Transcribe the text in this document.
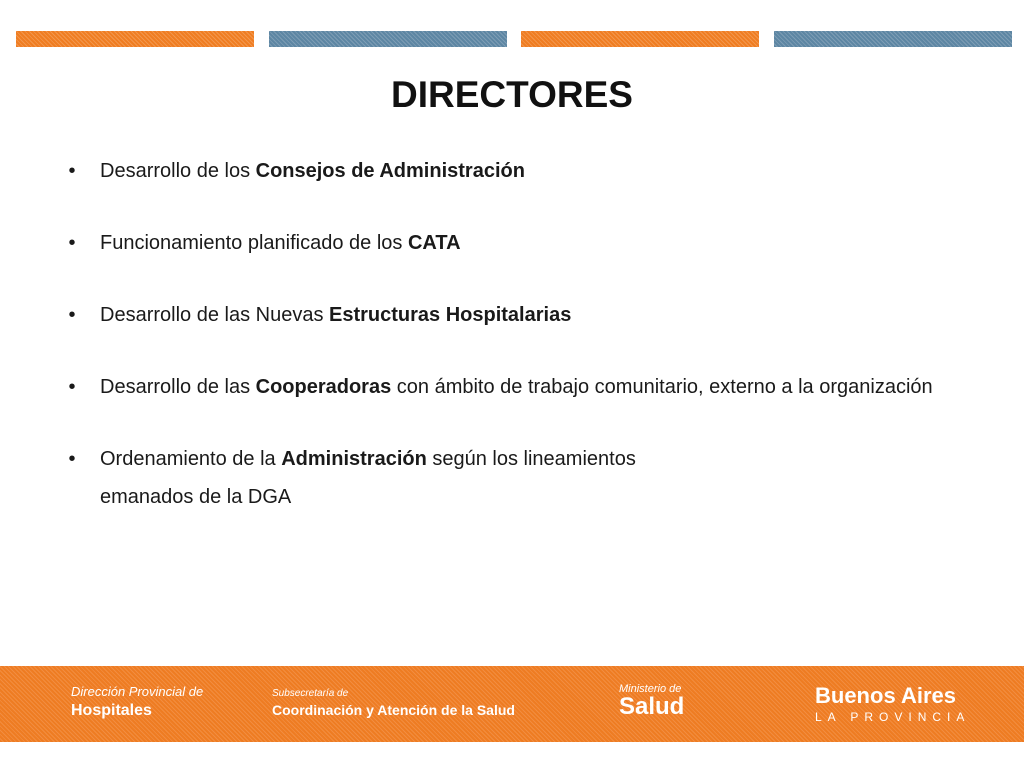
DIRECTORES
•	Desarrollo de los Consejos de Administración
•	Funcionamiento planificado de los CATA
•	Desarrollo de las Nuevas Estructuras Hospitalarias
•	Desarrollo de las Cooperadoras con ámbito de trabajo comunitario, externo a la organización
•	Ordenamiento de la Administración según los lineamientos
emanados de la DGA
Dirección Provincial de
Hospitales
Subsecretaría de
Coordinación y Atención de la Salud
Ministerio de
Salud	Buenos Aires
LA PROVINCIA
